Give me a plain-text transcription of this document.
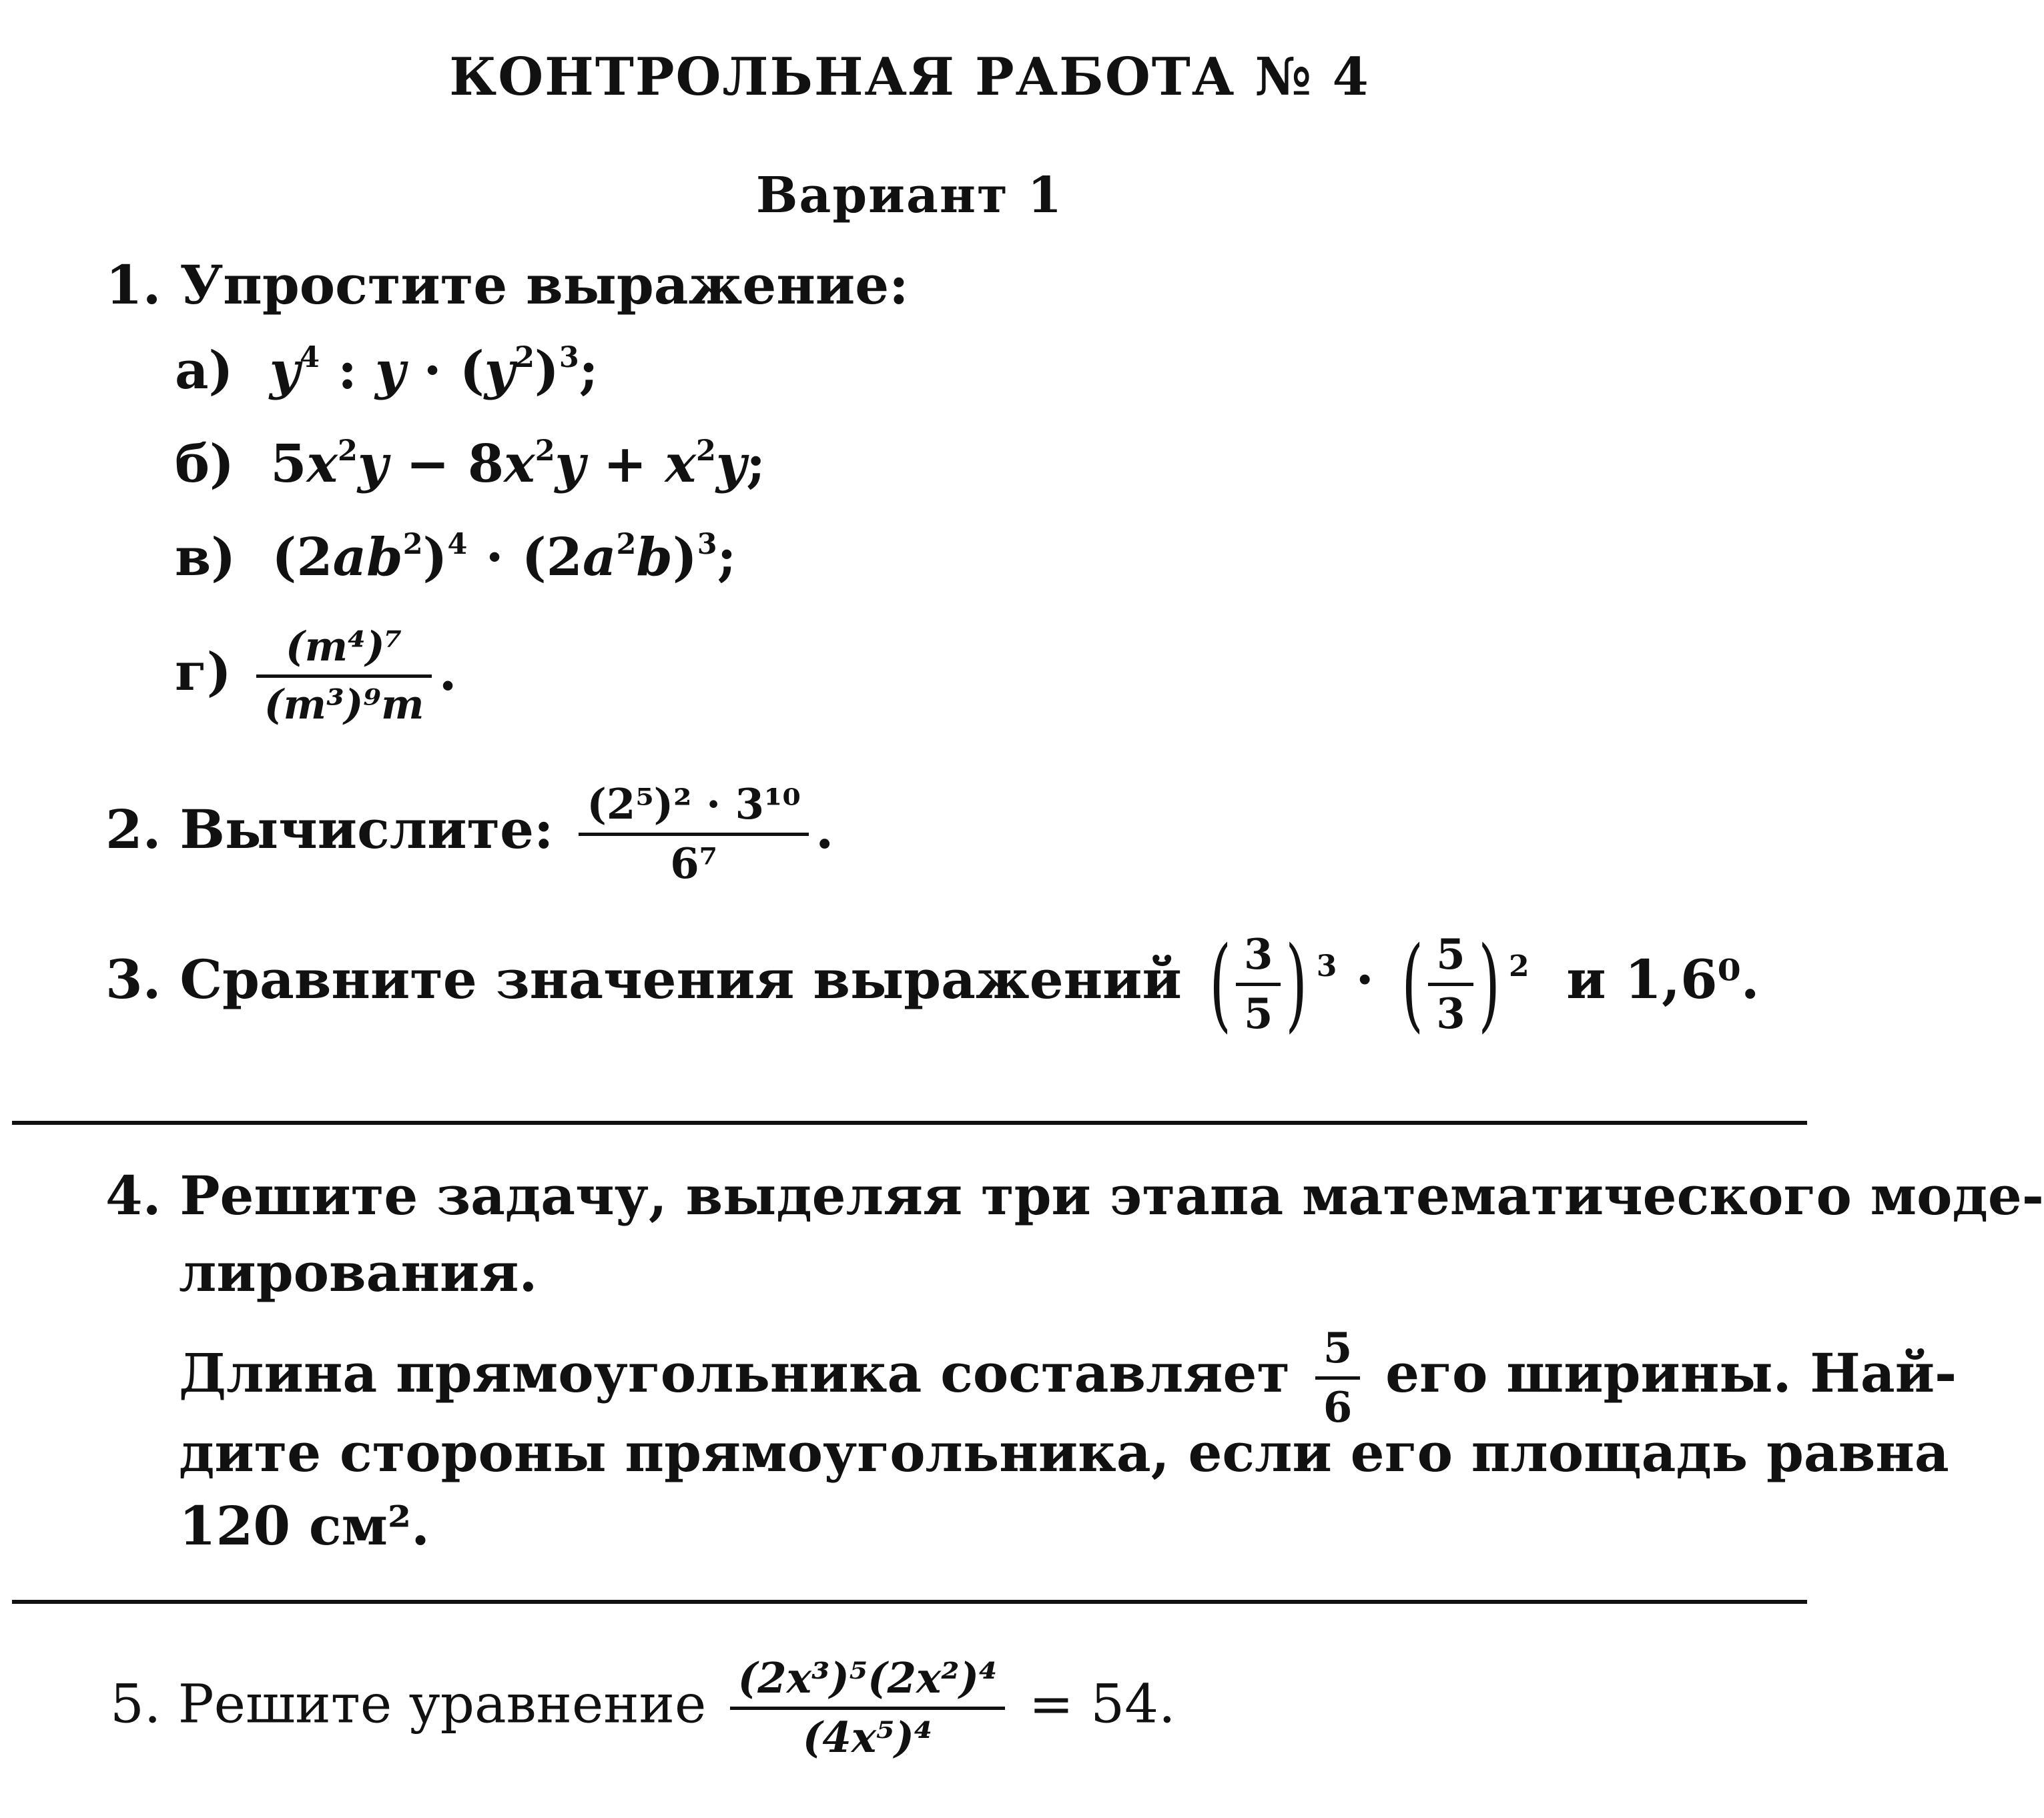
КОНТРОЛЬНАЯ РАБОТА № 4
Вариант 1
1. Упростите выражение:
а) $y^4$ : $y \cdot (y^2)^3$;
б)  $5x^2y - 8x^2y + x^2y$;
в)  $(2ab^2)^4 \cdot (2a^2b)^3$;
$г) \frac{\text{(m⁴)⁷}}{\text{(m³)⁹m}}$ .
2. Вычислите: $\frac{\text{(2⁵)² · 3¹⁰}}{\text{6⁷}}$ .
3. Сравните значения выражений ( $\frac{3}{5}$ ) $^3$ · ( $\frac{5}{3}$ ) $^2$ и 1,6⁰.
4. Решите задачу, выделяя три этапа математического моде-
лирования.
Длина прямоугольника составляет $\frac{5}{6}$ его ширины. Най-
дите стороны прямоугольника, если его площадь равна
120 см².
5. Решите уравнение $\frac{\text{(2x³)⁵(2x²)⁴}}{\text{(4x⁵)⁴}} = 54$.
